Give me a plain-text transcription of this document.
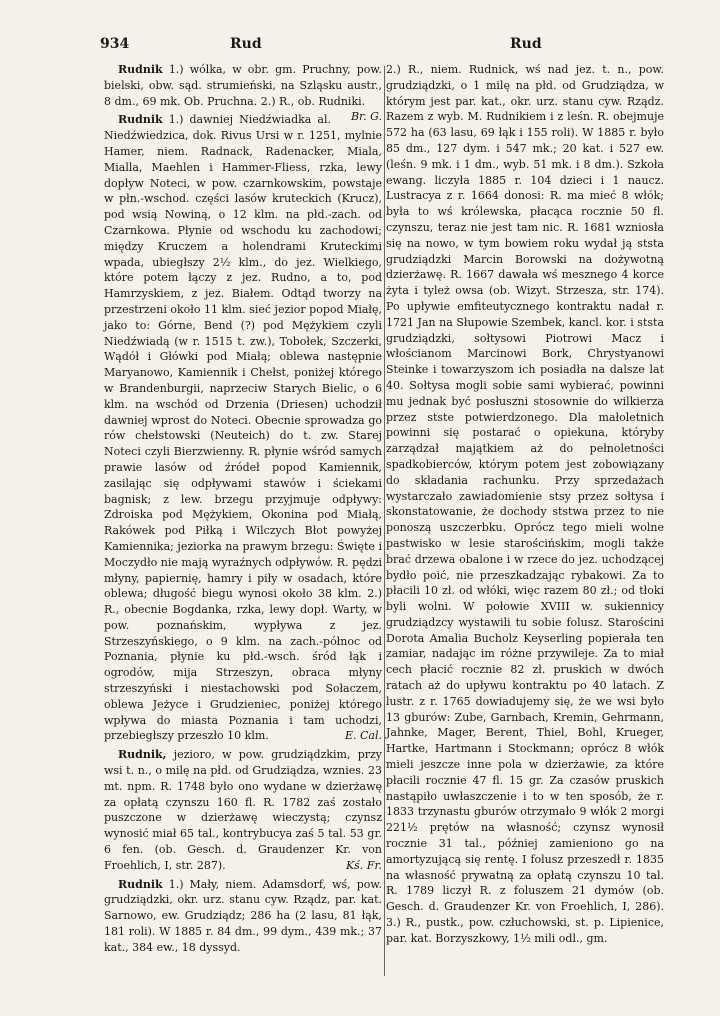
934	Rud	Rud

Rudnik 1.) wólka, w obr. gm. Pruchny, pow. bielski, obw. sąd. strumieński, na Szląsku austr., 8 dm., 69 mk. Ob. Pruchna. 2.) R., ob. Rudniki.
Br. G.

Rudnik 1.) dawniej Niedźwiadka al. Niedźwiedzica, dok. Rivus Ursi w r. 1251, mylnie Hamer, niem. Radnack, Radenacker, Miala, Mialla, Maehlen i Hammer-Fliess, rzka, lewy dopływ Noteci, w pow. czarnkowskim, powstaje w płn.-wschod. części lasów kruteckich (Krucz), pod wsią Nowiną, o 12 klm. na płd.-zach. od Czarnkowa. Płynie od wschodu ku zachodowi; między Kruczem a holendrami Kruteckimi wpada, ubiegłszy 2½ klm., do jez. Wielkiego, które potem łączy z jez. Rudno, a to, pod Hamrzyskiem, z jez. Białem. Odtąd tworzy na przestrzeni około 11 klm. sieć jezior popod Miałę, jako to: Górne, Bend (?) pod Mężykiem czyli Niedźwiadą (w r. 1515 t. zw.), Tobołek, Szczerki, Wądół i Główki pod Miałą; oblewa następnie Maryanowo, Kamiennik i Chełst, poniżej którego w Brandenburgii, naprzeciw Starych Bielic, o 6 klm. na wschód od Drzenia (Driesen) uchodził dawniej wprost do Noteci. Obecnie sprowadza go rów chełstowski (Neuteich) do t. zw. Starej Noteci czyli Bierzwienny. R. płynie wśród samych prawie lasów od źródeł popod Kamiennik, zasilając się odpływami stawów i ściekami bagnisk; z lew. brzegu przyjmuje odpływy: Zdroiska pod Mężykiem, Okonina pod Miałą, Rakówek pod Piłką i Wilczych Błot powyżej Kamiennika; jeziorka na prawym brzegu: Święte i Moczydło nie mają wyraźnych odpływów. R. pędzi młyny, papiernię, hamry i piły w osadach, które oblewa; długość biegu wynosi około 38 klm. 2.) R., obecnie Bogdanka, rzka, lewy dopł. Warty, w pow. poznańskim, wypływa z jez. Strzeszyńskiego, o 9 klm. na zach.-północ od Poznania, płynie ku płd.-wsch. śród łąk i ogrodów, mija Strzeszyn, obraca młyny strzeszyński i niestachowski pod Sołaczem, oblewa Jeżyce i Grudzieniec, poniżej którego wpływa do miasta Poznania i tam uchodzi, przebiegłszy przeszło 10 klm.	E. Cal.

Rudnik, jezioro, w pow. grudziądzkim, przy wsi t. n., o milę na płd. od Grudziądza, wznies. 23 mt. npm. R. 1748 było ono wydane w dzierżawę za opłatą czynszu 160 fl. R. 1782 zaś zostało puszczone w dzierżawę wieczystą; czynsz wynosić miał 65 tal., kontrybucya zaś 5 tal. 53 gr. 6 fen. (ob. Gesch. d. Graudenzer Kr. von Froehlich, I, str. 287).	Kś. Fr.

Rudnik 1.) Mały, niem. Adamsdorf, wś, pow. grudziądzki, okr. urz. stanu cyw. Rządz, par. kat. Sarnowo, ew. Grudziądz; 286 ha (2 lasu, 81 łąk, 181 roli). W 1885 r. 84 dm., 99 dym., 439 mk.; 37 kat., 384 ew., 18 dyssyd.

2.) R., niem. Rudnick, wś nad jez. t. n., pow. grudziądzki, o 1 milę na płd. od Grudziądza, w którym jest par. kat., okr. urz. stanu cyw. Rządz. Razem z wyb. M. Rudnikiem i z leśn. R. obejmuje 572 ha (63 lasu, 69 łąk i 155 roli). W 1885 r. było 85 dm., 127 dym. i 547 mk.; 20 kat. i 527 ew. (leśn. 9 mk. i 1 dm., wyb. 51 mk. i 8 dm.). Szkoła ewang. liczyła 1885 r. 104 dzieci i 1 naucz. Lustracya z r. 1664 donosi: R. ma mieć 8 włók; była to wś królewska, płacąca rocznie 50 fl. czynszu, teraz nie jest tam nic. R. 1681 wzniosła się na nowo, w tym bowiem roku wydał ją ststa grudziądzki Marcin Borowski na dożywotną dzierżawę. R. 1667 dawała wś mesznego 4 korce żyta i tyleż owsa (ob. Wizyt. Strzesza, str. 174). Po upływie emfiteutycznego kontraktu nadał r. 1721 Jan na Słupowie Szembek, kancl. kor. i ststa grudziądzki, sołtysowi Piotrowi Macz i włościanom Marcinowi Bork, Chrystyanowi Steinke i towarzyszom ich posiadła na dalsze lat 40. Sołtysa mogli sobie sami wybierać, powinni mu jednak być posłuszni stosownie do wilkierza przez stste potwierdzonego. Dla małoletnich powinni się postarać o opiekuna, któryby zarządzał majątkiem aż do pełnoletności spadkobierców, którym potem jest zobowiązany do składania rachunku. Przy sprzedażach wystarczało zawiadomienie stsy przez sołtysa i skonstatowanie, że dochody ststwa przez to nie ponoszą uszczerbku. Oprócz tego mieli wolne pastwisko w lesie starościńskim, mogli także brać drzewa obalone i w rzece do jez. uchodzącej bydło poić, nie przeszkadzając rybakowi. Za to płacili 10 zł. od włóki, więc razem 80 zł.; od tłoki byli wolni. W połowie XVIII w. sukiennicy grudziądzcy wystawili tu sobie folusz. Starościni Dorota Amalia Bucholz Keyserling popierała ten zamiar, nadając im różne przywileje. Za to miał cech płacić rocznie 82 zł. pruskich w dwóch ratach aż do upływu kontraktu po 40 latach. Z lustr. z r. 1765 dowiadujemy się, że we wsi było 13 gburów: Zube, Garnbach, Kremin, Gehrmann, Jahnke, Mager, Berent, Thiel, Bohl, Krueger, Hartke, Hartmann i Stockmann; oprócz 8 włók mieli jeszcze inne pola w dzierżawie, za które płacili rocznie 47 fl. 15 gr. Za czasów pruskich nastąpiło uwłaszczenie i to w ten sposób, że r. 1833 trzynastu gburów otrzymało 9 włók 2 morgi 221½ prętów na własność; czynsz wynosił rocznie 31 tal., później zamieniono go na amortyzującą się rentę. I folusz przeszedł r. 1835 na własność prywatną za opłatą czynszu 10 tal. R. 1789 liczył R. z foluszem 21 dymów (ob. Gesch. d. Graudenzer Kr. von Froehlich, I, 286). 3.) R., pustk., pow. człuchowski, st. p. Lipienice, par. kat. Borzyszkowy, 1½ mili odl., gm.
